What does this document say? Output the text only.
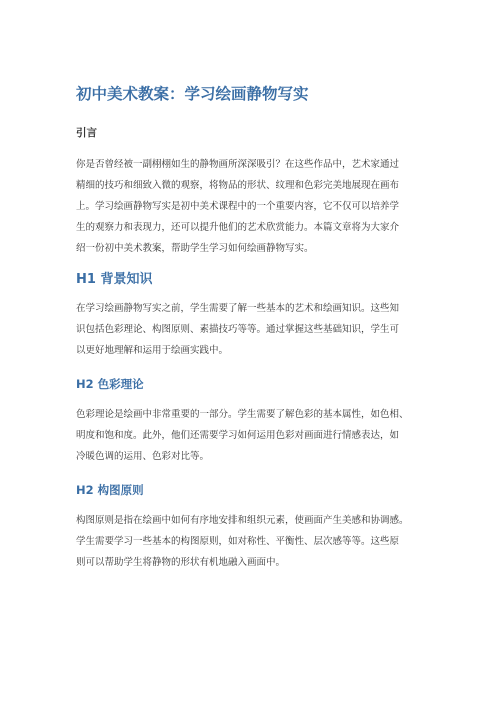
初中美术教案：学习绘画静物写实
引言

你是否曾经被一副栩栩如生的静物画所深深吸引？在这些作品中，艺术家通过
精细的技巧和细致入微的观察，将物品的形状、纹理和色彩完美地展现在画布
上。学习绘画静物写实是初中美术课程中的一个重要内容，它不仅可以培养学
生的观察力和表现力，还可以提升他们的艺术欣赏能力。本篇文章将为大家介
绍一份初中美术教案，帮助学生学习如何绘画静物写实。

H1 背景知识

在学习绘画静物写实之前，学生需要了解一些基本的艺术和绘画知识。这些知
识包括色彩理论、构图原则、素描技巧等等。通过掌握这些基础知识，学生可
以更好地理解和运用于绘画实践中。

H2 色彩理论

色彩理论是绘画中非常重要的一部分。学生需要了解色彩的基本属性，如色相、
明度和饱和度。此外，他们还需要学习如何运用色彩对画面进行情感表达，如
冷暖色调的运用、色彩对比等。

H2 构图原则

构图原则是指在绘画中如何有序地安排和组织元素，使画面产生美感和协调感。
学生需要学习一些基本的构图原则，如对称性、平衡性、层次感等等。这些原
则可以帮助学生将静物的形状有机地融入画面中。
